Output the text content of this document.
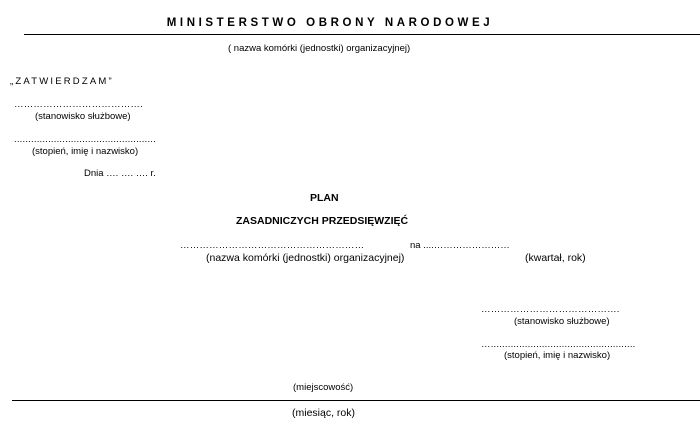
MINISTERSTWO OBRONY NARODOWEJ
( nazwa komórki (jednostki) organizacyjnej)
„ZATWIERDZAM”
………………………………….
(stanowisko służbowe)
..................................................
(stopień, imię i nazwisko)
Dnia …. …. …. r.
PLAN
ZASADNICZYCH PRZEDSIĘWZIĘĆ
…………………………………………………	na ....……………………
(nazwa komórki (jednostki) organizacyjnej)	(kwartał, rok)
…………………………………….
(stanowisko służbowe)
…...................................................
(stopień, imię i nazwisko)
(miejscowość)
(miesiąc, rok)
